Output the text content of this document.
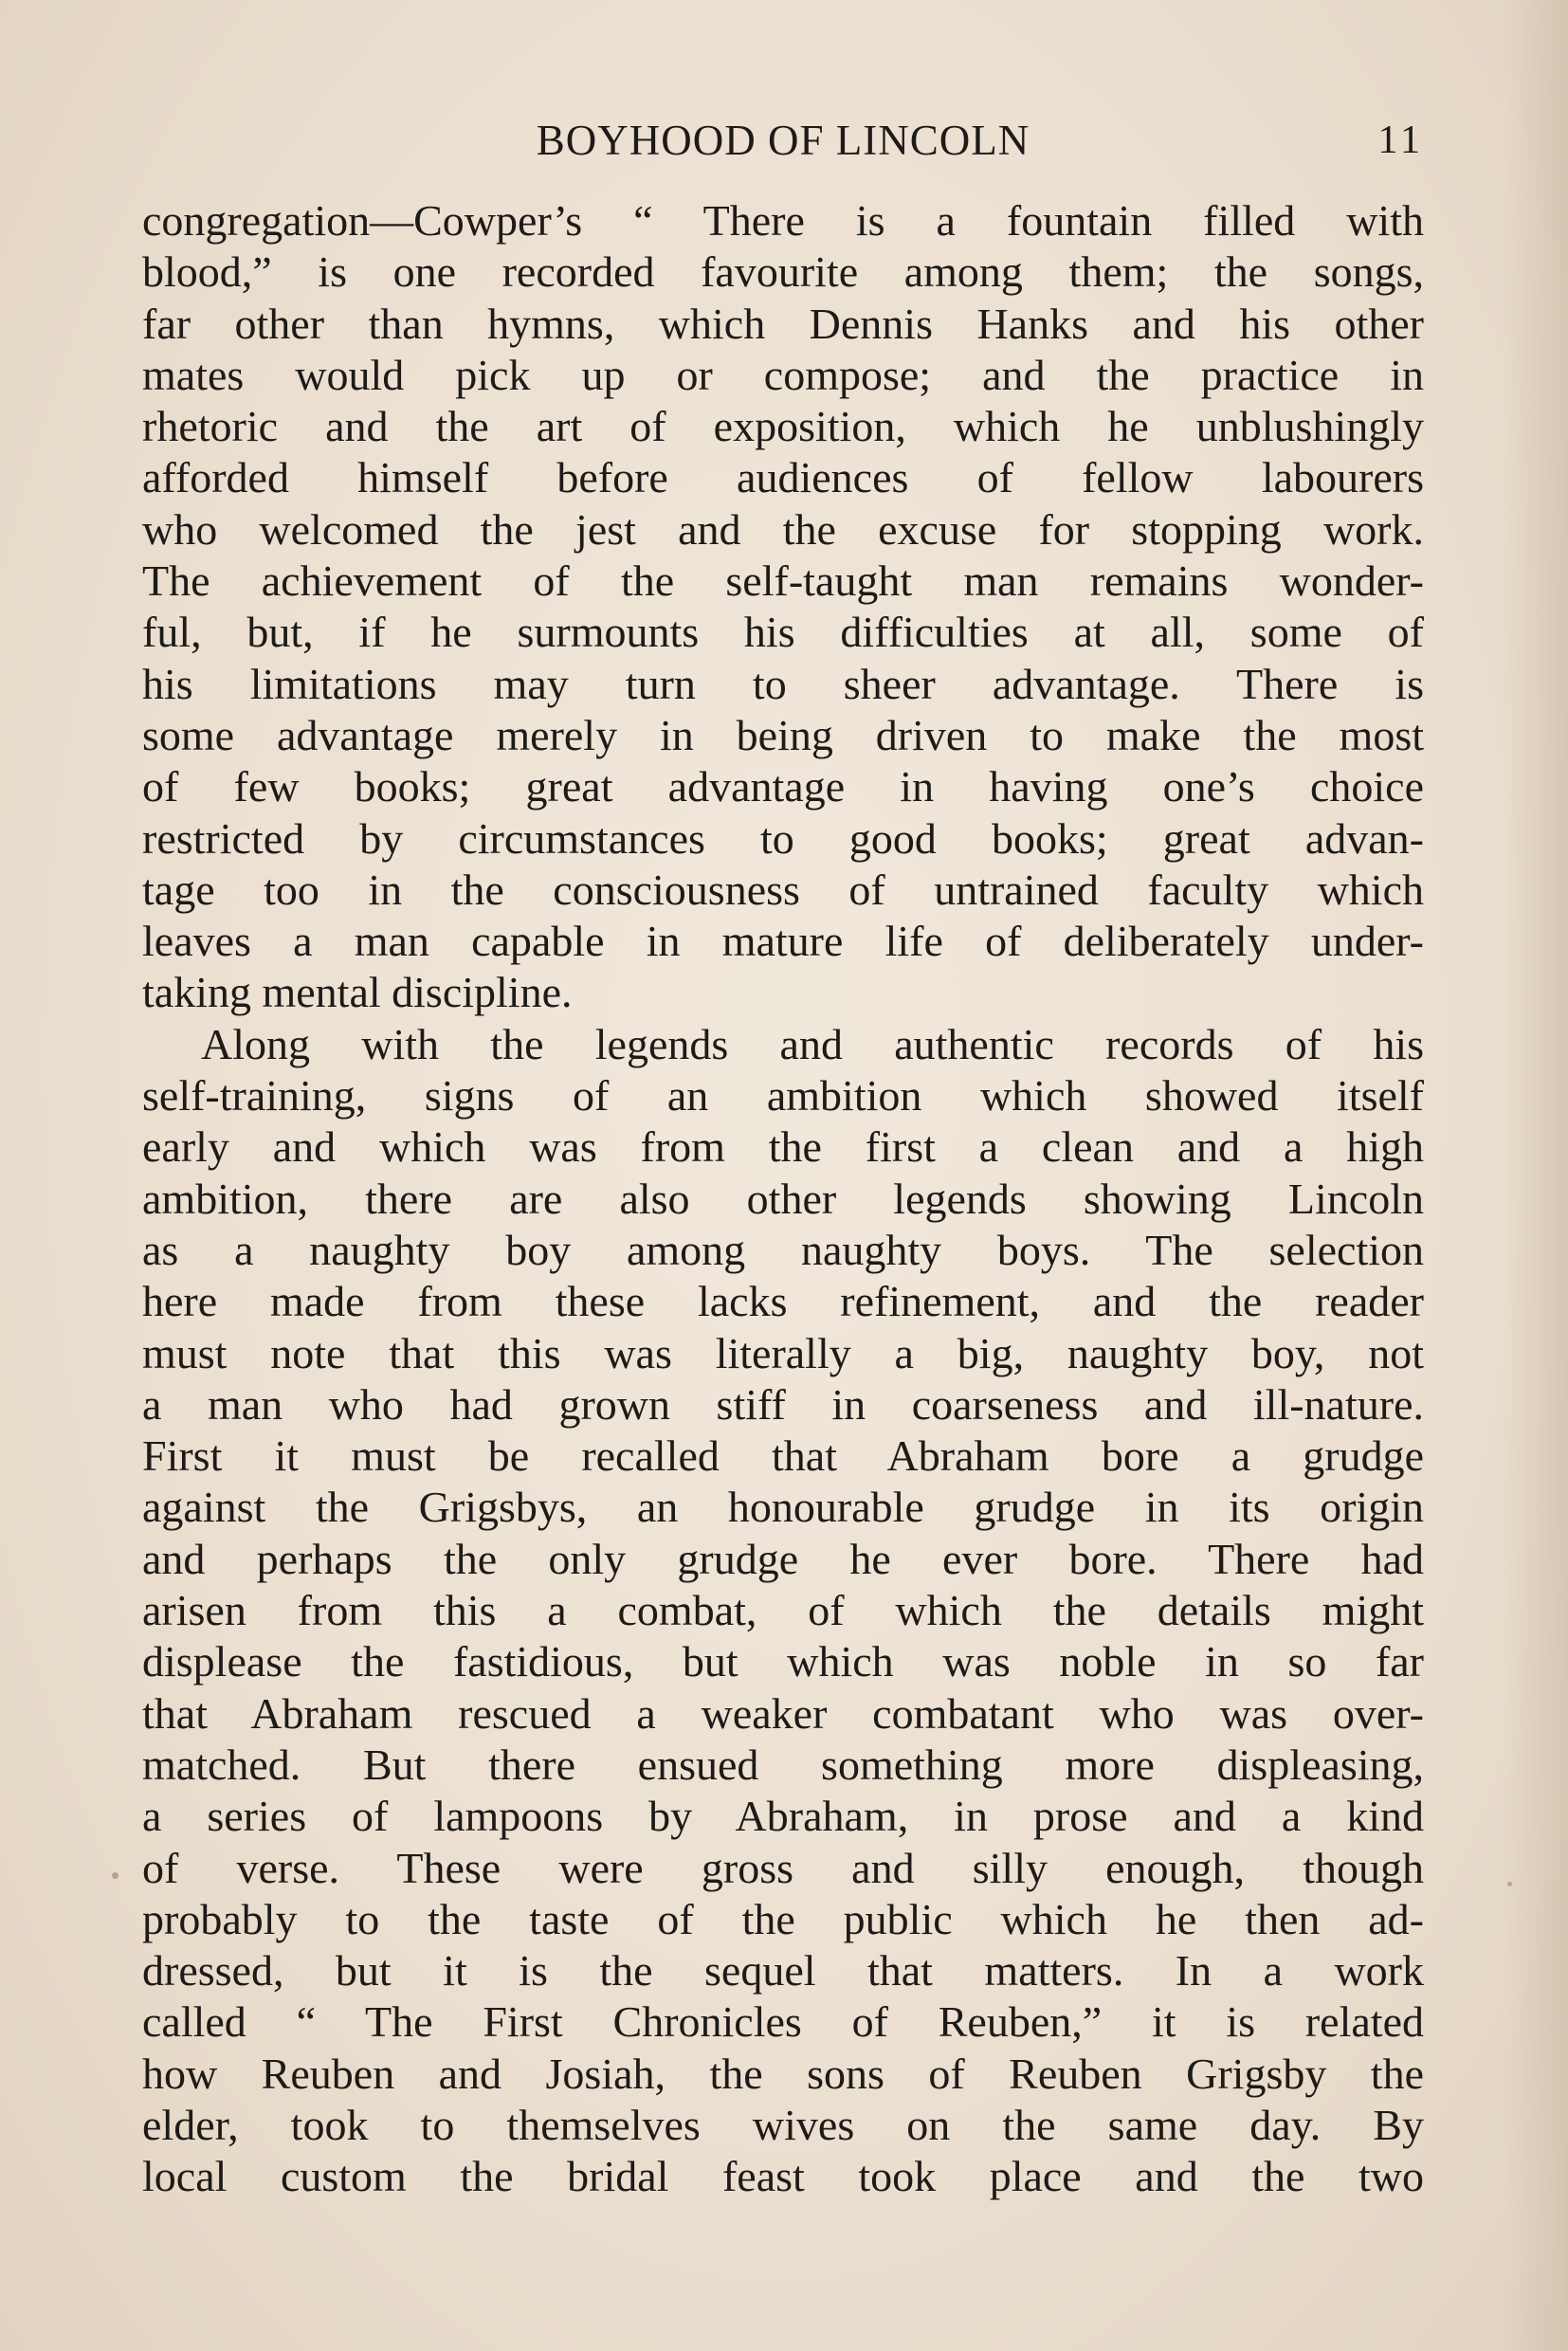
BOYHOOD OF LINCOLN	11

congregation—Cowper’s “ There is a fountain filled with
blood,” is one recorded favourite among them; the songs,
far other than hymns, which Dennis Hanks and his other
mates would pick up or compose; and the practice in
rhetoric and the art of exposition, which he unblushingly
afforded himself before audiences of fellow labourers
who welcomed the jest and the excuse for stopping work.
The achievement of the self-taught man remains wonder-
ful, but, if he surmounts his difficulties at all, some of
his limitations may turn to sheer advantage. There is
some advantage merely in being driven to make the most
of few books; great advantage in having one’s choice
restricted by circumstances to good books; great advan-
tage too in the consciousness of untrained faculty which
leaves a man capable in mature life of deliberately under-
taking mental discipline.

Along with the legends and authentic records of his
self-training, signs of an ambition which showed itself
early and which was from the first a clean and a high
ambition, there are also other legends showing Lincoln
as a naughty boy among naughty boys. The selection
here made from these lacks refinement, and the reader
must note that this was literally a big, naughty boy, not
a man who had grown stiff in coarseness and ill-nature.
First it must be recalled that Abraham bore a grudge
against the Grigsbys, an honourable grudge in its origin
and perhaps the only grudge he ever bore. There had
arisen from this a combat, of which the details might
displease the fastidious, but which was noble in so far
that Abraham rescued a weaker combatant who was over-
matched. But there ensued something more displeasing,
a series of lampoons by Abraham, in prose and a kind
of verse. These were gross and silly enough, though
probably to the taste of the public which he then ad-
dressed, but it is the sequel that matters. In a work
called “ The First Chronicles of Reuben,” it is related
how Reuben and Josiah, the sons of Reuben Grigsby the
elder, took to themselves wives on the same day. By
local custom the bridal feast took place and the two
